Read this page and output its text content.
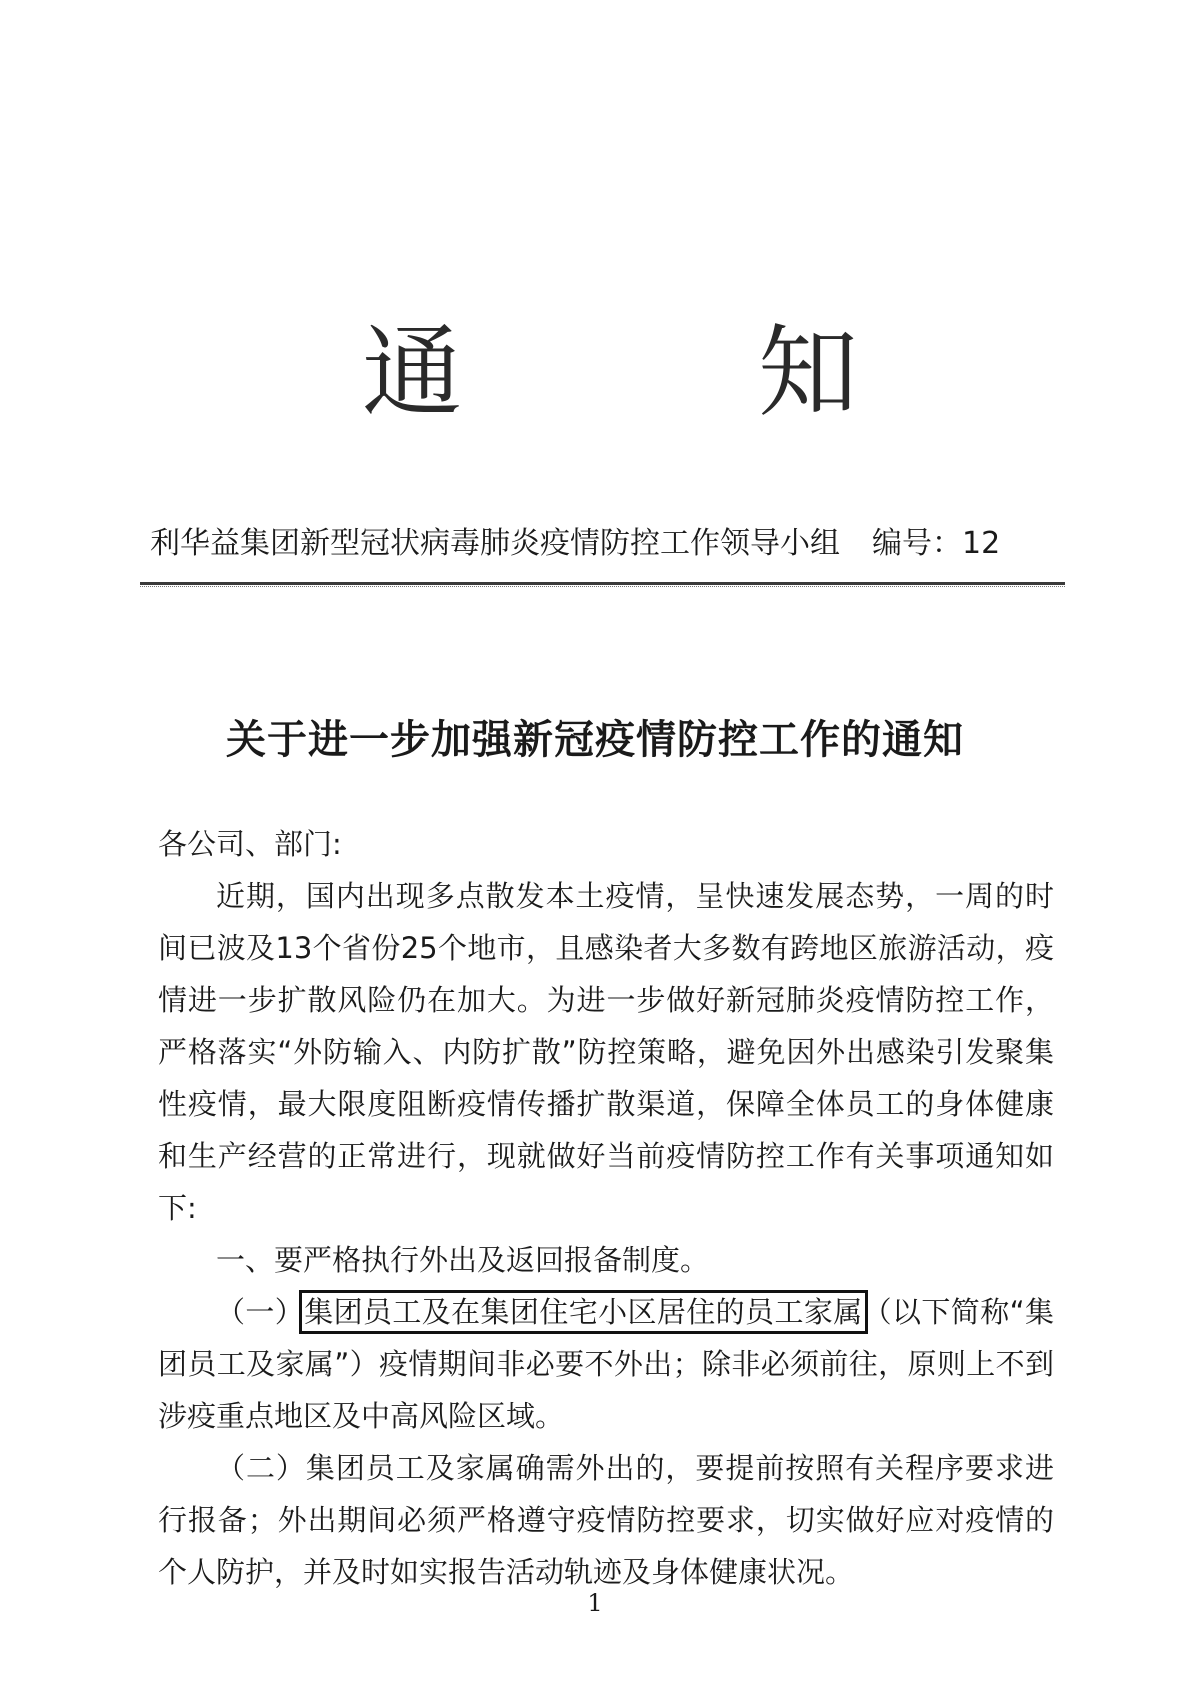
通	知
利华益集团新型冠状病毒肺炎疫情防控工作领导小组 编号：12
关于进一步加强新冠疫情防控工作的通知

各公司、部门:

近期，国内出现多点散发本土疫情，呈快速发展态势，一周的时间已波及13个省份25个地市，且感染者大多数有跨地区旅游活动，疫情进一步扩散风险仍在加大。为进一步做好新冠肺炎疫情防控工作，严格落实“外防输入、内防扩散”防控策略，避免因外出感染引发聚集性疫情，最大限度阻断疫情传播扩散渠道，保障全体员工的身体健康和生产经营的正常进行，现就做好当前疫情防控工作有关事项通知如下:

一、要严格执行外出及返回报备制度。

（一）集团员工及在集团住宅小区居住的员工家属（以下简称“集团员工及家属”）疫情期间非必要不外出；除非必须前往，原则上不到涉疫重点地区及中高风险区域。

（二）集团员工及家属确需外出的，要提前按照有关程序要求进行报备；外出期间必须严格遵守疫情防控要求，切实做好应对疫情的个人防护，并及时如实报告活动轨迹及身体健康状况。

1
